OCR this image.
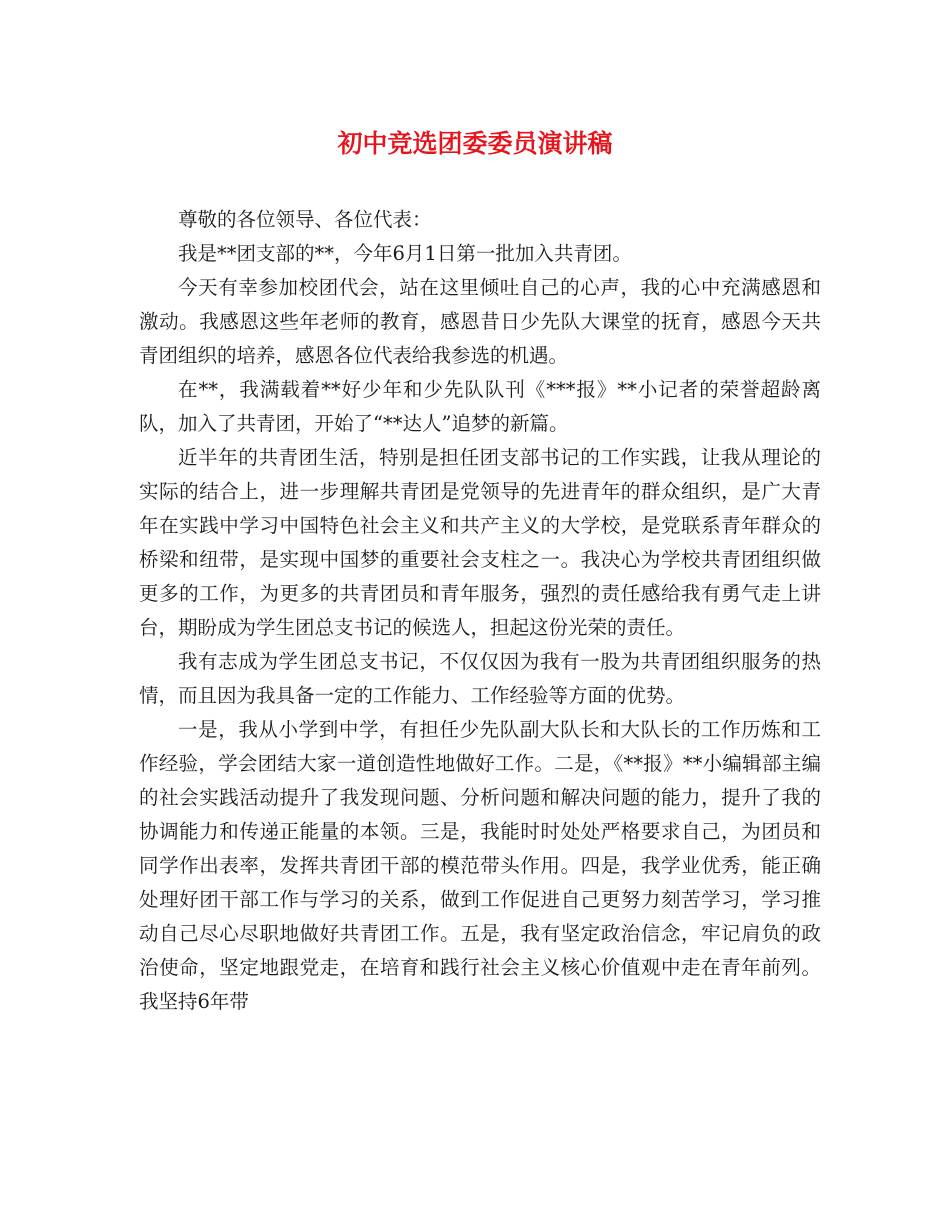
初中竞选团委委员演讲稿

尊敬的各位领导、各位代表：

我是**团支部的**，今年6月1日第一批加入共青团。

今天有幸参加校团代会，站在这里倾吐自己的心声，我的心中充满感恩和激动。我感恩这些年老师的教育，感恩昔日少先队大课堂的抚育，感恩今天共青团组织的培养，感恩各位代表给我参选的机遇。

在**，我满载着**好少年和少先队队刊《***报》**小记者的荣誉超龄离队，加入了共青团，开始了“**达人”追梦的新篇。

近半年的共青团生活，特别是担任团支部书记的工作实践，让我从理论的实际的结合上，进一步理解共青团是党领导的先进青年的群众组织，是广大青年在实践中学习中国特色社会主义和共产主义的大学校，是党联系青年群众的桥梁和纽带，是实现中国梦的重要社会支柱之一。我决心为学校共青团组织做更多的工作，为更多的共青团员和青年服务，强烈的责任感给我有勇气走上讲台，期盼成为学生团总支书记的候选人，担起这份光荣的责任。

我有志成为学生团总支书记，不仅仅因为我有一股为共青团组织服务的热情，而且因为我具备一定的工作能力、工作经验等方面的优势。

一是，我从小学到中学，有担任少先队副大队长和大队长的工作历炼和工作经验，学会团结大家一道创造性地做好工作。二是，《**报》**小编辑部主编的社会实践活动提升了我发现问题、分析问题和解决问题的能力，提升了我的协调能力和传递正能量的本领。三是，我能时时处处严格要求自己，为团员和同学作出表率，发挥共青团干部的模范带头作用。四是，我学业优秀，能正确处理好团干部工作与学习的关系，做到工作促进自己更努力刻苦学习，学习推动自己尽心尽职地做好共青团工作。五是，我有坚定政治信念，牢记肩负的政治使命，坚定地跟党走，在培育和践行社会主义核心价值观中走在青年前列。我坚持6年带
